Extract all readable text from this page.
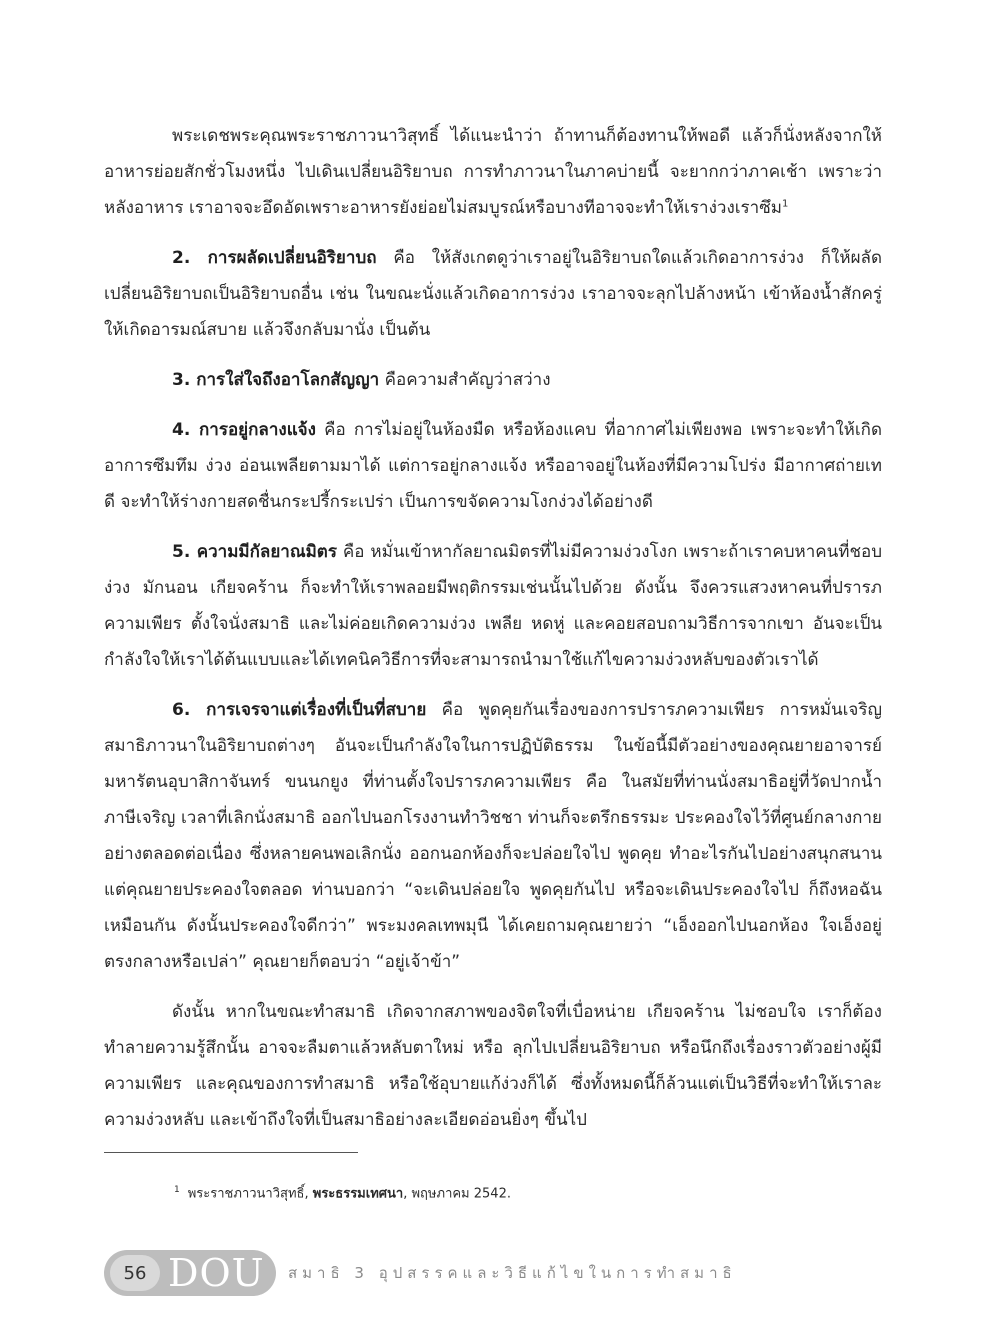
พระเดชพระคุณพระราชภาวนาวิสุทธิ์ ได้แนะนำว่า ถ้าทานก็ต้องทานให้พอดี แล้วก็นั่งหลังจากให้อาหารย่อยสักชั่วโมงหนึ่ง ไปเดินเปลี่ยนอิริยาบถ การทำภาวนาในภาคบ่ายนี้ จะยากกว่าภาคเช้า เพราะว่าหลังอาหาร เราอาจจะอึดอัดเพราะอาหารยังย่อยไม่สมบูรณ์หรือบางทีอาจจะทำให้เราง่วงเราซึม$^1$

2. การผลัดเปลี่ยนอิริยาบถ คือ ให้สังเกตดูว่าเราอยู่ในอิริยาบถใดแล้วเกิดอาการง่วง ก็ให้ผลัดเปลี่ยนอิริยาบถเป็นอิริยาบถอื่น เช่น ในขณะนั่งแล้วเกิดอาการง่วง เราอาจจะลุกไปล้างหน้า เข้าห้องน้ำสักครู่ ให้เกิดอารมณ์สบาย แล้วจึงกลับมานั่ง เป็นต้น

3. การใส่ใจถึงอาโลกสัญญา คือความสำคัญว่าสว่าง

4. การอยู่กลางแจ้ง คือ การไม่อยู่ในห้องมืด หรือห้องแคบ ที่อากาศไม่เพียงพอ เพราะจะทำให้เกิดอาการซึมทึม ง่วง อ่อนเพลียตามมาได้ แต่การอยู่กลางแจ้ง หรืออาจอยู่ในห้องที่มีความโปร่ง มีอากาศถ่ายเทดี จะทำให้ร่างกายสดชื่นกระปรี้กระเปร่า เป็นการขจัดความโงกง่วงได้อย่างดี

5. ความมีกัลยาณมิตร คือ หมั่นเข้าหากัลยาณมิตรที่ไม่มีความง่วงโงก เพราะถ้าเราคบหาคนที่ชอบง่วง มักนอน เกียจคร้าน ก็จะทำให้เราพลอยมีพฤติกรรมเช่นนั้นไปด้วย ดังนั้น จึงควรแสวงหาคนที่ปรารภความเพียร ตั้งใจนั่งสมาธิ และไม่ค่อยเกิดความง่วง เพลีย หดหู่ และคอยสอบถามวิธีการจากเขา อันจะเป็นกำลังใจให้เราได้ต้นแบบและได้เทคนิควิธีการที่จะสามารถนำมาใช้แก้ไขความง่วงหลับของตัวเราได้

6. การเจรจาแต่เรื่องที่เป็นที่สบาย คือ พูดคุยกันเรื่องของการปรารภความเพียร การหมั่นเจริญสมาธิภาวนาในอิริยาบถต่างๆ อันจะเป็นกำลังใจในการปฏิบัติธรรม ในข้อนี้มีตัวอย่างของคุณยายอาจารย์มหารัตนอุบาสิกาจันทร์ ขนนกยูง ที่ท่านตั้งใจปรารภความเพียร คือ ในสมัยที่ท่านนั่งสมาธิอยู่ที่วัดปากน้ำภาษีเจริญ เวลาที่เลิกนั่งสมาธิ ออกไปนอกโรงงานทำวิชชา ท่านก็จะตรึกธรรมะ ประคองใจไว้ที่ศูนย์กลางกายอย่างตลอดต่อเนื่อง ซึ่งหลายคนพอเลิกนั่ง ออกนอกห้องก็จะปล่อยใจไป พูดคุย ทำอะไรกันไปอย่างสนุกสนาน แต่คุณยายประคองใจตลอด ท่านบอกว่า “จะเดินปล่อยใจ พูดคุยกันไป หรือจะเดินประคองใจไป ก็ถึงหอฉันเหมือนกัน ดังนั้นประคองใจดีกว่า” พระมงคลเทพมุนี ได้เคยถามคุณยายว่า “เอ็งออกไปนอกห้อง ใจเอ็งอยู่ตรงกลางหรือเปล่า” คุณยายก็ตอบว่า “อยู่เจ้าข้า”

ดังนั้น หากในขณะทำสมาธิ เกิดจากสภาพของจิตใจที่เบื่อหน่าย เกียจคร้าน ไม่ชอบใจ เราก็ต้องทำลายความรู้สึกนั้น อาจจะลืมตาแล้วหลับตาใหม่ หรือ ลุกไปเปลี่ยนอิริยาบถ หรือนึกถึงเรื่องราวตัวอย่างผู้มีความเพียร และคุณของการทำสมาธิ หรือใช้อุบายแก้ง่วงก็ได้ ซึ่งทั้งหมดนี้ก็ล้วนแต่เป็นวิธีที่จะทำให้เราละความง่วงหลับ และเข้าถึงใจที่เป็นสมาธิอย่างละเอียดอ่อนยิ่งๆ ขึ้นไป

$^1$ พระราชภาวนาวิสุทธิ์, พระธรรมเทศนา, พฤษภาคม 2542.
56 DOU สมาธิ 3 อุปสรรคและวิธีแก้ไขในการทำสมาธิ
